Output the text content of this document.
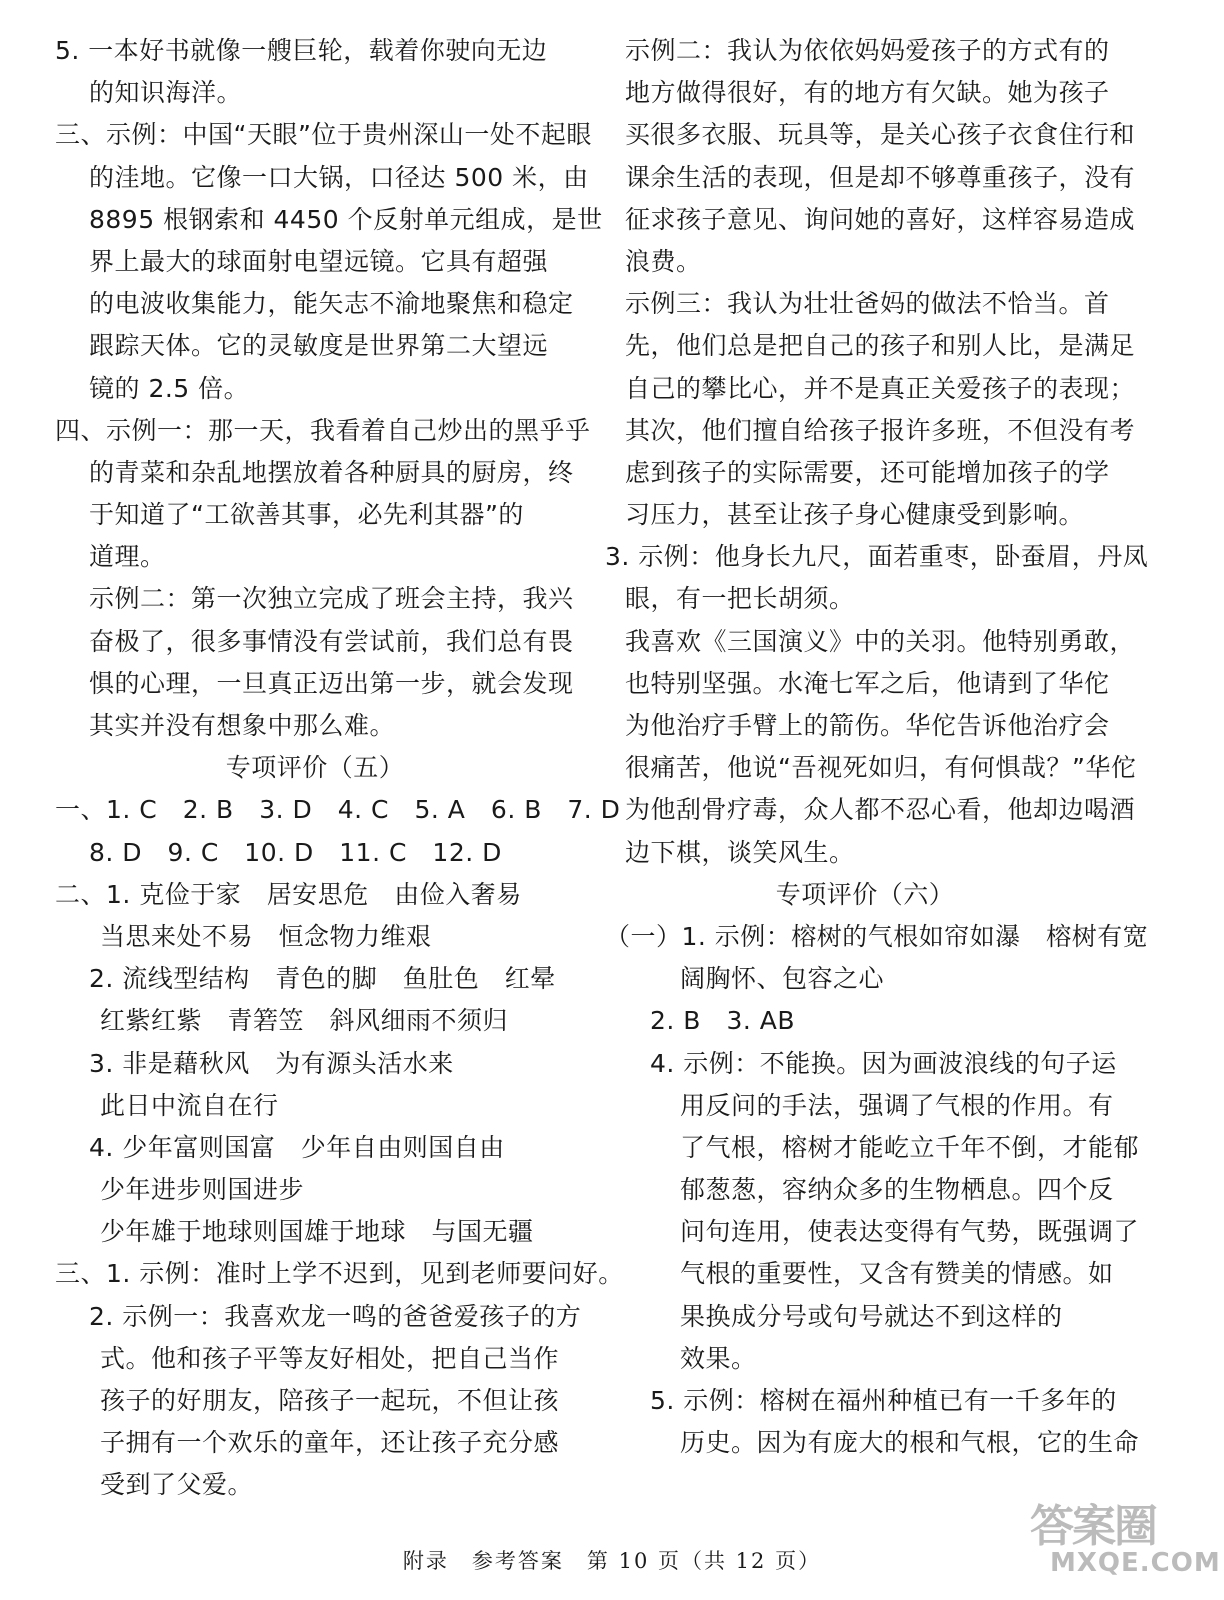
5. 一本好书就像一艘巨轮，载着你驶向无边
的知识海洋。
三、示例：中国“天眼”位于贵州深山一处不起眼
的洼地。它像一口大锅，口径达 500 米，由
8895 根钢索和 4450 个反射单元组成，是世
界上最大的球面射电望远镜。它具有超强
的电波收集能力，能矢志不渝地聚焦和稳定
跟踪天体。它的灵敏度是世界第二大望远
镜的 2.5 倍。
四、示例一：那一天，我看着自己炒出的黑乎乎
的青菜和杂乱地摆放着各种厨具的厨房，终
于知道了“工欲善其事，必先利其器”的
道理。
示例二：第一次独立完成了班会主持，我兴
奋极了，很多事情没有尝试前，我们总有畏
惧的心理，一旦真正迈出第一步，就会发现
其实并没有想象中那么难。
专项评价（五）
一、1. C　2. B　3. D　4. C　5. A　6. B　7. D
8. D　9. C　10. D　11. C　12. D
二、1. 克俭于家　居安思危　由俭入奢易
当思来处不易　恒念物力维艰
2. 流线型结构　青色的脚　鱼肚色　红晕
红紫红紫　青箬笠　斜风细雨不须归
3. 非是藉秋风　为有源头活水来
此日中流自在行
4. 少年富则国富　少年自由则国自由
少年进步则国进步
少年雄于地球则国雄于地球　与国无疆
三、1. 示例：准时上学不迟到，见到老师要问好。
2. 示例一：我喜欢龙一鸣的爸爸爱孩子的方
式。他和孩子平等友好相处，把自己当作
孩子的好朋友，陪孩子一起玩，不但让孩
子拥有一个欢乐的童年，还让孩子充分感
受到了父爱。
示例二：我认为依依妈妈爱孩子的方式有的
地方做得很好，有的地方有欠缺。她为孩子
买很多衣服、玩具等，是关心孩子衣食住行和
课余生活的表现，但是却不够尊重孩子，没有
征求孩子意见、询问她的喜好，这样容易造成
浪费。
示例三：我认为壮壮爸妈的做法不恰当。首
先，他们总是把自己的孩子和别人比，是满足
自己的攀比心，并不是真正关爱孩子的表现；
其次，他们擅自给孩子报许多班，不但没有考
虑到孩子的实际需要，还可能增加孩子的学
习压力，甚至让孩子身心健康受到影响。
3. 示例：他身长九尺，面若重枣，卧蚕眉，丹凤
眼，有一把长胡须。
我喜欢《三国演义》中的关羽。他特别勇敢，
也特别坚强。水淹七军之后，他请到了华佗
为他治疗手臂上的箭伤。华佗告诉他治疗会
很痛苦，他说“吾视死如归，有何惧哉？”华佗
为他刮骨疗毒，众人都不忍心看，他却边喝酒
边下棋，谈笑风生。
专项评价（六）
（一）1. 示例：榕树的气根如帘如瀑　榕树有宽
阔胸怀、包容之心
2. B　3. AB
4. 示例：不能换。因为画波浪线的句子运
用反问的手法，强调了气根的作用。有
了气根，榕树才能屹立千年不倒，才能郁
郁葱葱，容纳众多的生物栖息。四个反
问句连用，使表达变得有气势，既强调了
气根的重要性，又含有赞美的情感。如
果换成分号或句号就达不到这样的
效果。
5. 示例：榕树在福州种植已有一千多年的
历史。因为有庞大的根和气根，它的生命
附录　参考答案　第 10 页（共 12 页）
答案圈
MXQE.COM
